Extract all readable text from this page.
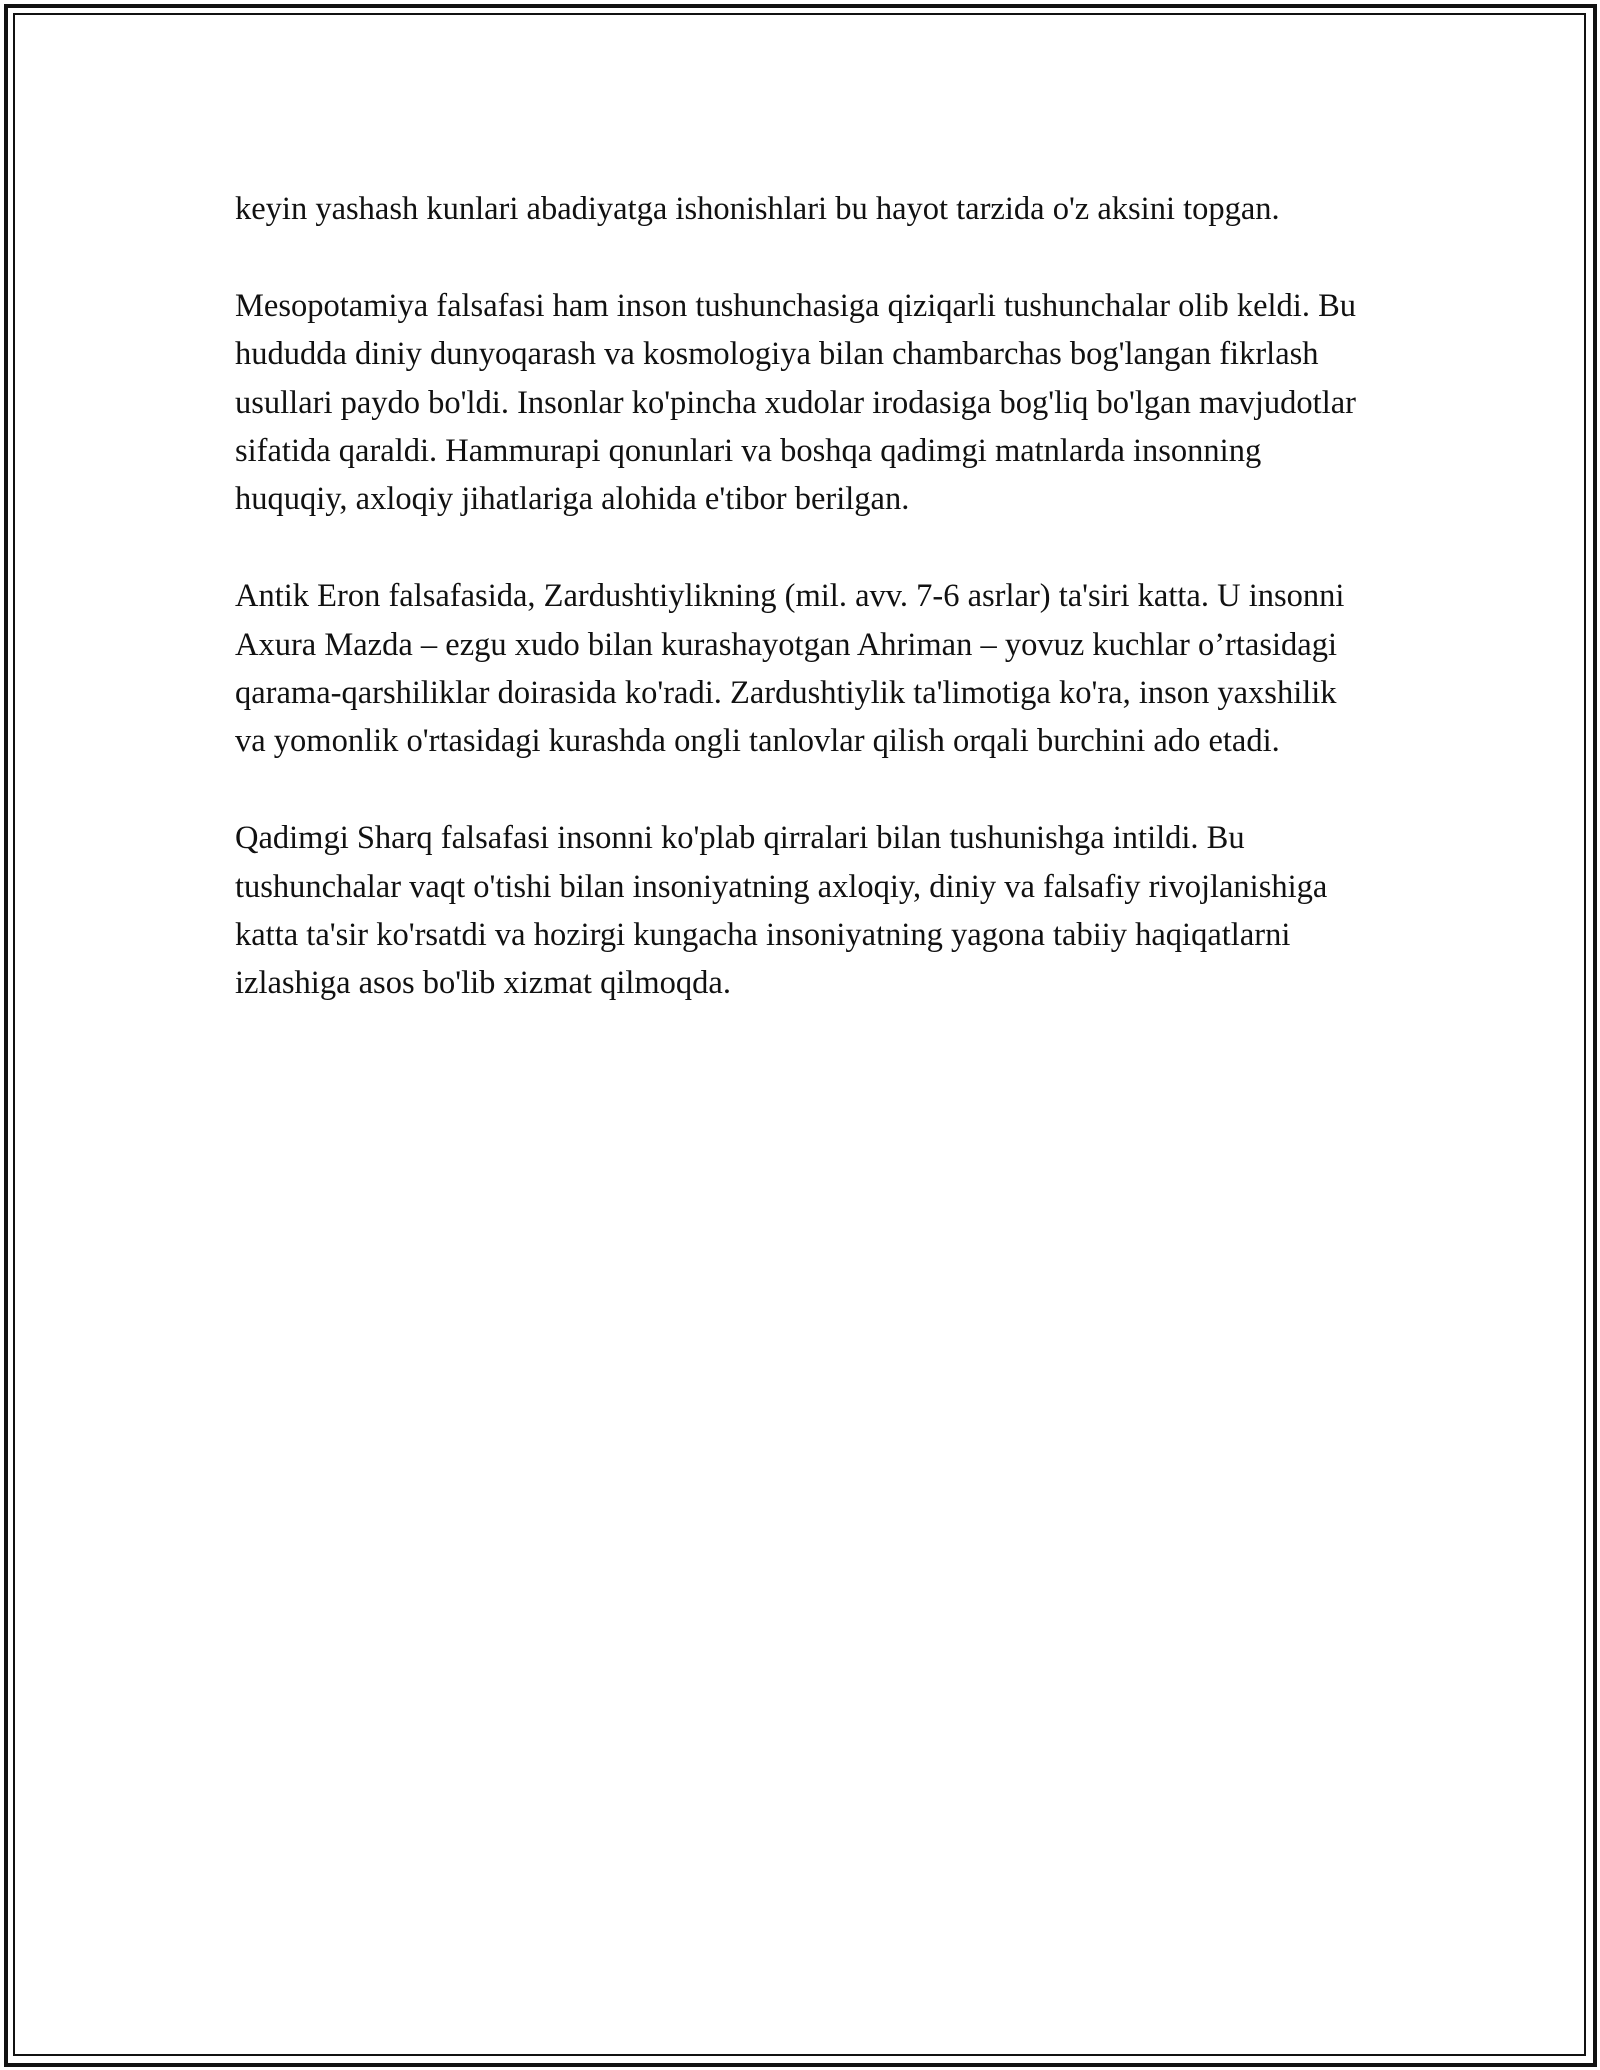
keyin yashash kunlari abadiyatga ishonishlari bu hayot tarzida o'z aksini topgan.

Mesopotamiya falsafasi ham inson tushunchasiga qiziqarli tushunchalar olib keldi. Bu hududda diniy dunyoqarash va kosmologiya bilan chambarchas bog'langan fikrlash usullari paydo bo'ldi. Insonlar ko'pincha xudolar irodasiga bog'liq bo'lgan mavjudotlar sifatida qaraldi. Hammurapi qonunlari va boshqa qadimgi matnlarda insonning huquqiy, axloqiy jihatlariga alohida e'tibor berilgan.

Antik Eron falsafasida, Zardushtiylikning (mil. avv. 7-6 asrlar) ta'siri katta. U insonni Axura Mazda – ezgu xudo bilan kurashayotgan Ahriman – yovuz kuchlar o’rtasidagi qarama-qarshiliklar doirasida ko'radi. Zardushtiylik ta'limotiga ko'ra, inson yaxshilik va yomonlik o'rtasidagi kurashda ongli tanlovlar qilish orqali burchini ado etadi.

Qadimgi Sharq falsafasi insonni ko'plab qirralari bilan tushunishga intildi. Bu tushunchalar vaqt o'tishi bilan insoniyatning axloqiy, diniy va falsafiy rivojlanishiga katta ta'sir ko'rsatdi va hozirgi kungacha insoniyatning yagona tabiiy haqiqatlarni izlashiga asos bo'lib xizmat qilmoqda.
